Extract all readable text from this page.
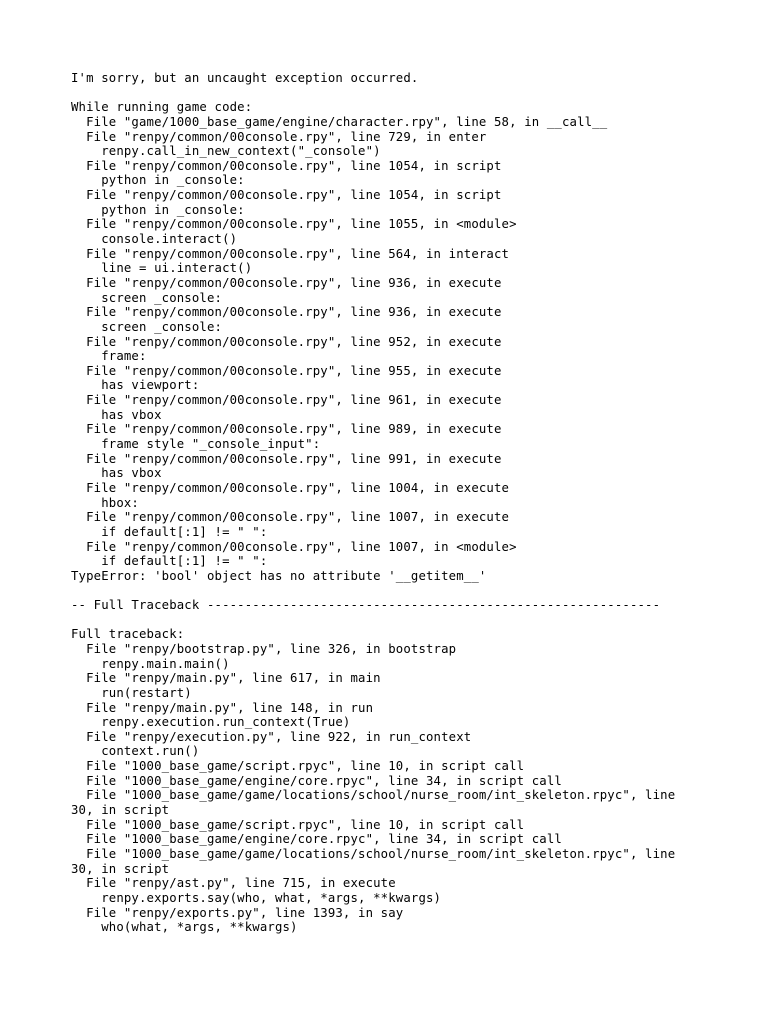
I'm sorry, but an uncaught exception occurred.
While running game code:
File "game/1000_base_game/engine/character.rpy", line 58, in __call__
File "renpy/common/00console.rpy", line 729, in enter
renpy.call_in_new_context("_console")
File "renpy/common/00console.rpy", line 1054, in script
python in _console:
File "renpy/common/00console.rpy", line 1054, in script
python in _console:
File "renpy/common/00console.rpy", line 1055, in <module>
console.interact()
File "renpy/common/00console.rpy", line 564, in interact
line = ui.interact()
File "renpy/common/00console.rpy", line 936, in execute
screen _console:
File "renpy/common/00console.rpy", line 936, in execute
screen _console:
File "renpy/common/00console.rpy", line 952, in execute
frame:
File "renpy/common/00console.rpy", line 955, in execute
has viewport:
File "renpy/common/00console.rpy", line 961, in execute
has vbox
File "renpy/common/00console.rpy", line 989, in execute
frame style "_console_input":
File "renpy/common/00console.rpy", line 991, in execute
has vbox
File "renpy/common/00console.rpy", line 1004, in execute
hbox:
File "renpy/common/00console.rpy", line 1007, in execute
if default[:1] != " ":
File "renpy/common/00console.rpy", line 1007, in <module>
if default[:1] != " ":
TypeError: 'bool' object has no attribute '__getitem__'
-- Full Traceback ------------------------------------------------------------
Full traceback:
File "renpy/bootstrap.py", line 326, in bootstrap
renpy.main.main()
File "renpy/main.py", line 617, in main
run(restart)
File "renpy/main.py", line 148, in run
renpy.execution.run_context(True)
File "renpy/execution.py", line 922, in run_context
context.run()
File "1000_base_game/script.rpyc", line 10, in script call
File "1000_base_game/engine/core.rpyc", line 34, in script call
File "1000_base_game/game/locations/school/nurse_room/int_skeleton.rpyc", line
30, in script
File "1000_base_game/script.rpyc", line 10, in script call
File "1000_base_game/engine/core.rpyc", line 34, in script call
File "1000_base_game/game/locations/school/nurse_room/int_skeleton.rpyc", line
30, in script
File "renpy/ast.py", line 715, in execute
renpy.exports.say(who, what, *args, **kwargs)
File "renpy/exports.py", line 1393, in say
who(what, *args, **kwargs)
